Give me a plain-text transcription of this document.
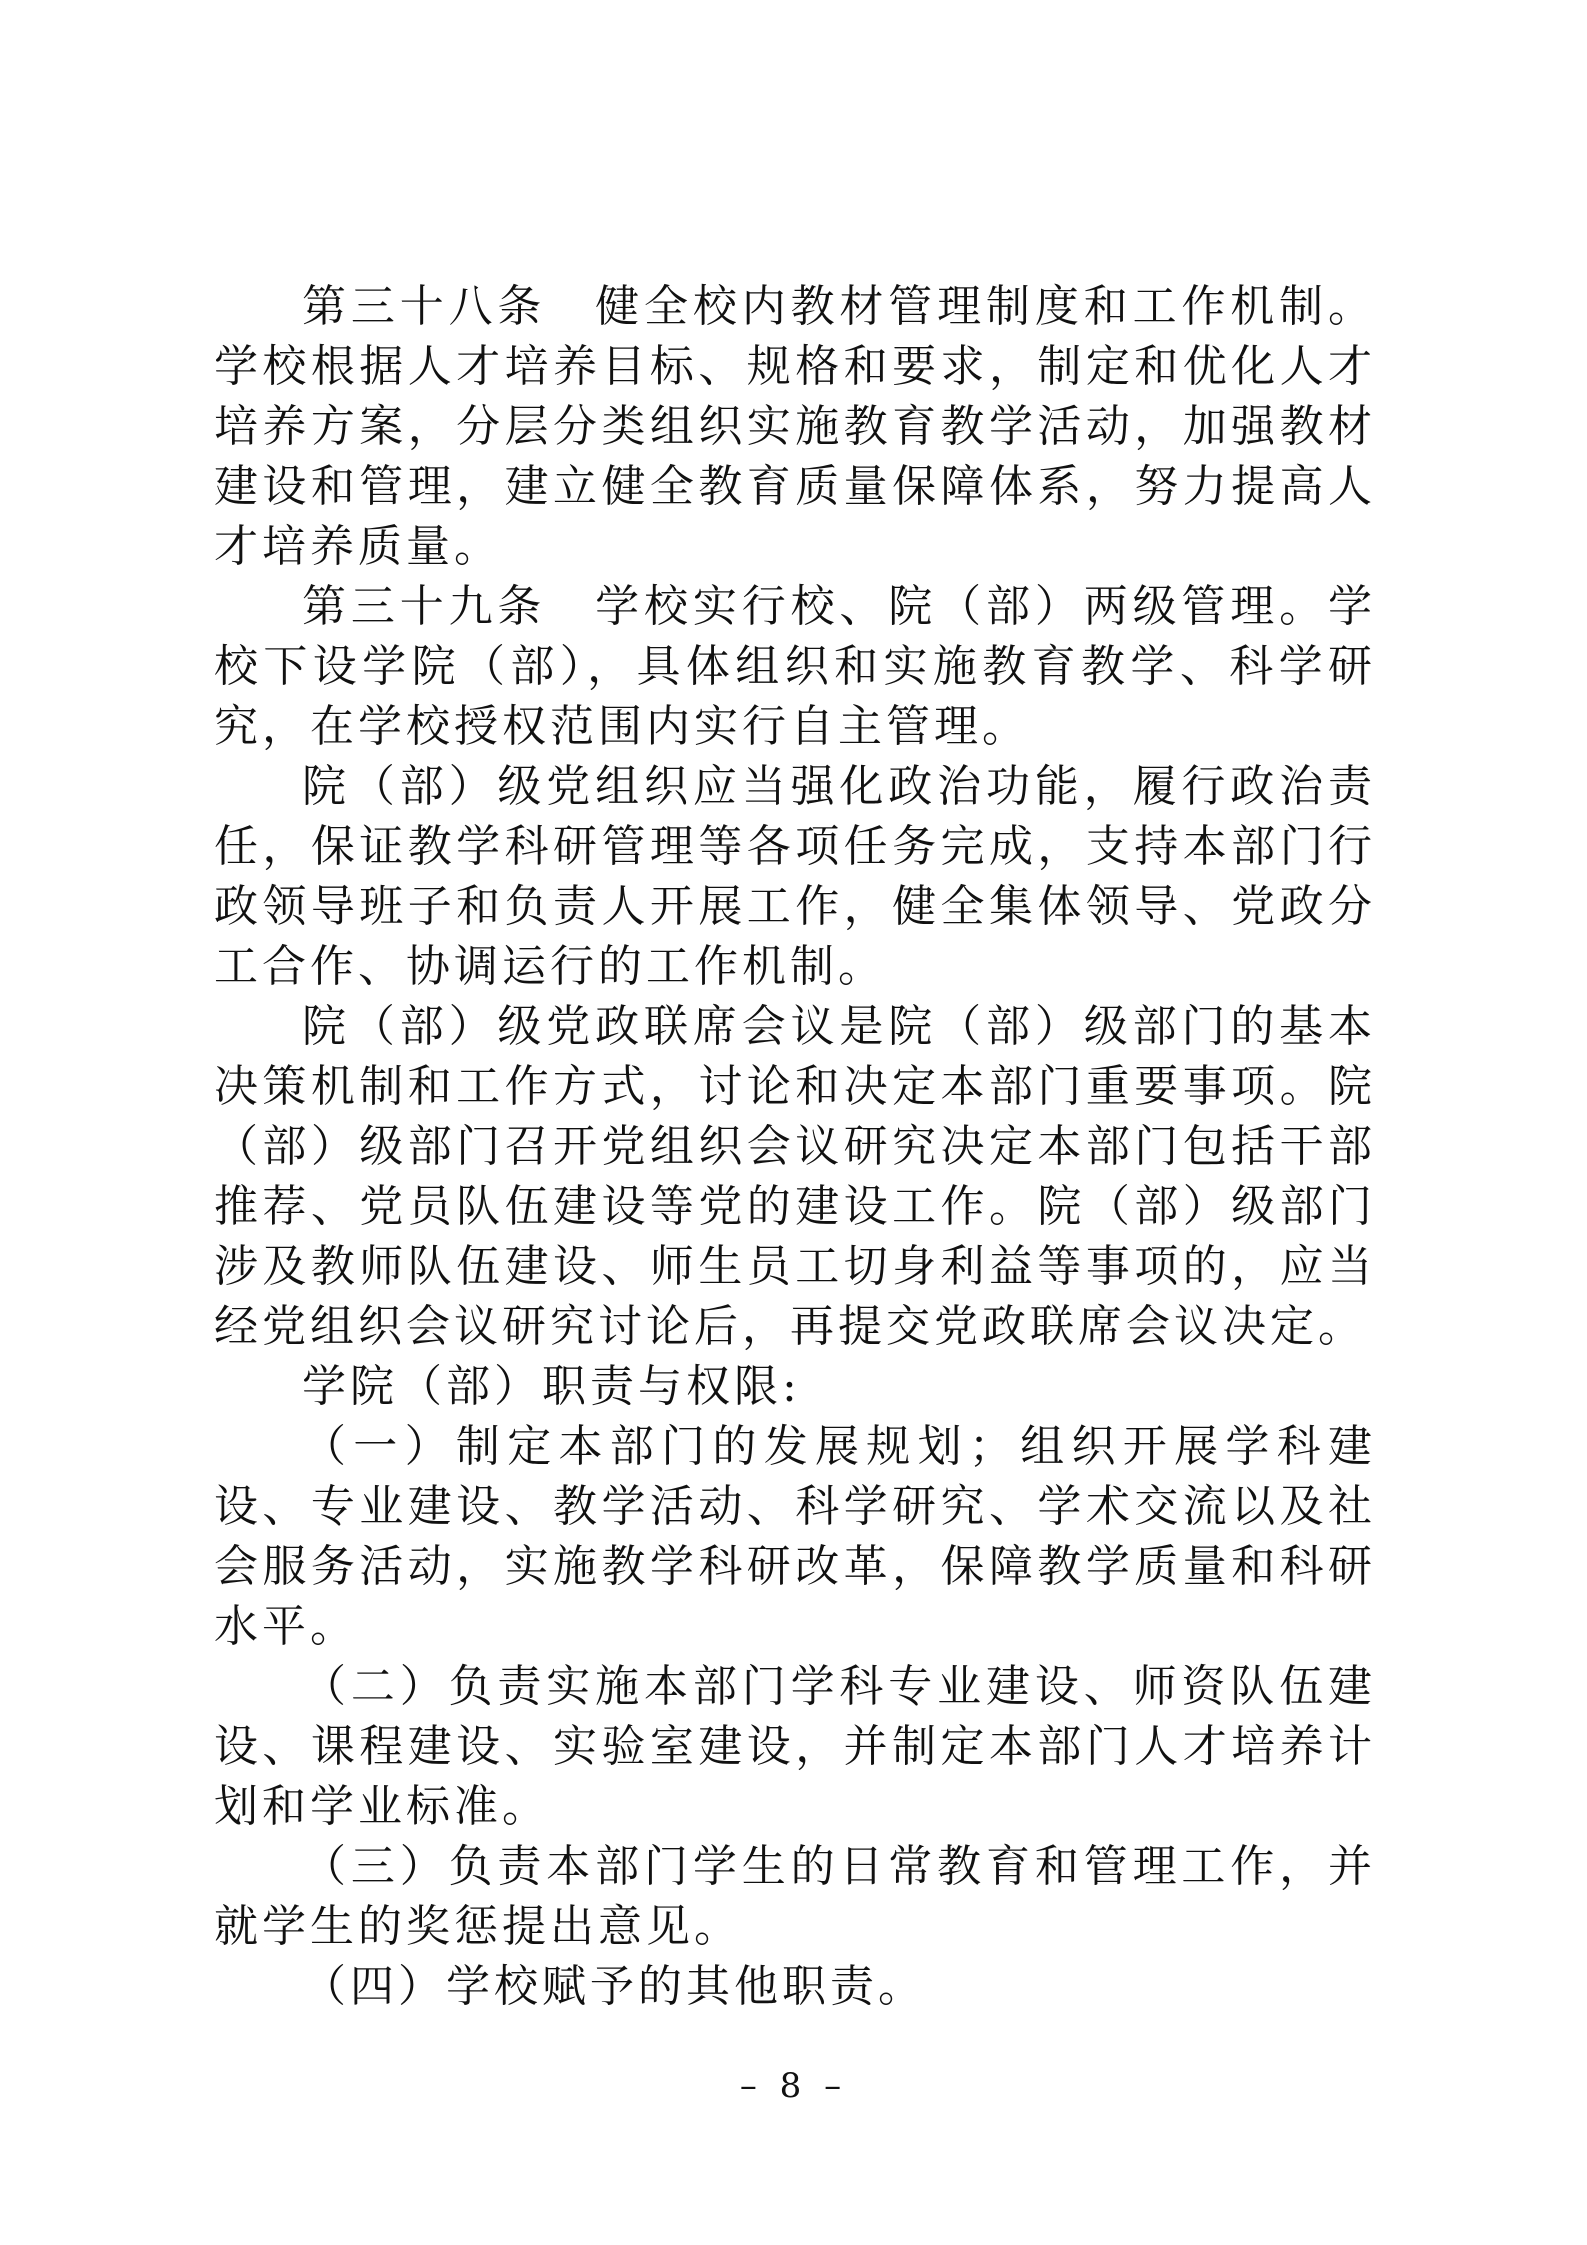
第三十八条　健全校内教材管理制度和工作机制。学校根据人才培养目标、规格和要求，制定和优化人才培养方案，分层分类组织实施教育教学活动，加强教材建设和管理，建立健全教育质量保障体系，努力提高人才培养质量。

第三十九条　学校实行校、院（部）两级管理。学校下设学院（部），具体组织和实施教育教学、科学研究，在学校授权范围内实行自主管理。

院（部）级党组织应当强化政治功能，履行政治责任，保证教学科研管理等各项任务完成，支持本部门行政领导班子和负责人开展工作，健全集体领导、党政分工合作、协调运行的工作机制。

院（部）级党政联席会议是院（部）级部门的基本决策机制和工作方式，讨论和决定本部门重要事项。院（部）级部门召开党组织会议研究决定本部门包括干部推荐、党员队伍建设等党的建设工作。院（部）级部门涉及教师队伍建设、师生员工切身利益等事项的，应当经党组织会议研究讨论后，再提交党政联席会议决定。

学院（部）职责与权限:

（一）制定本部门的发展规划；组织开展学科建设、专业建设、教学活动、科学研究、学术交流以及社会服务活动，实施教学科研改革，保障教学质量和科研水平。

（二）负责实施本部门学科专业建设、师资队伍建设、课程建设、实验室建设，并制定本部门人才培养计划和学业标准。

（三）负责本部门学生的日常教育和管理工作，并就学生的奖惩提出意见。

（四）学校赋予的其他职责。

– 8 –
